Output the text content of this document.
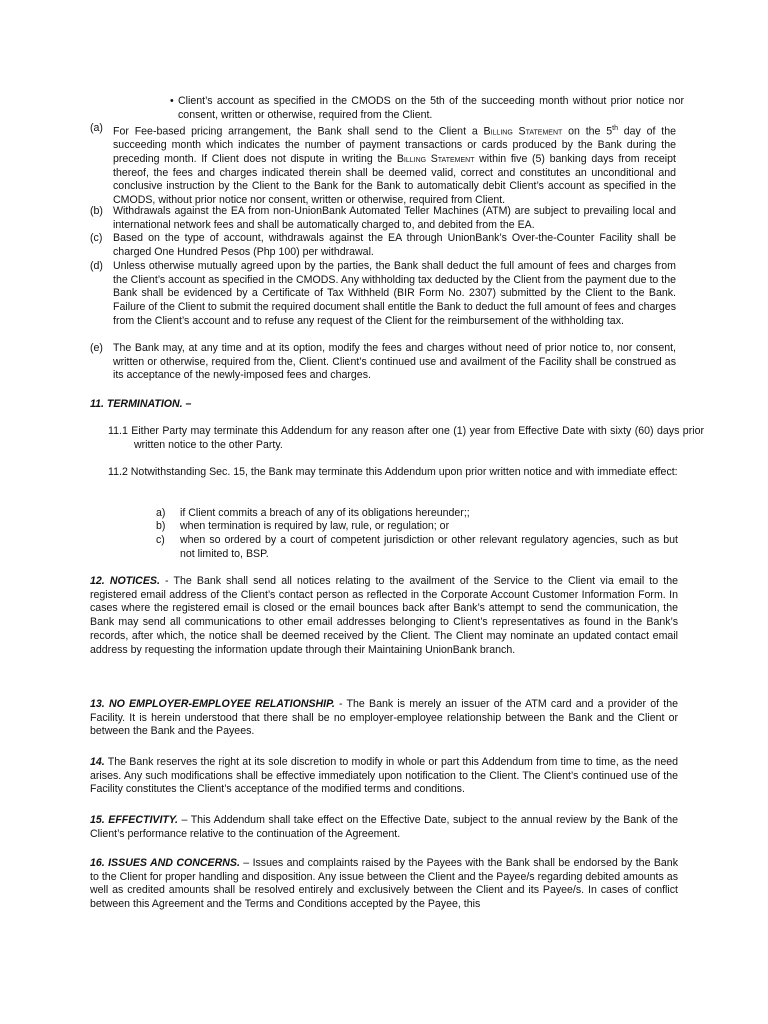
• Client’s account as specified in the CMODS on the 5th of the succeeding month without prior notice nor consent, written or otherwise, required from the Client.
(a) For Fee-based pricing arrangement, the Bank shall send to the Client a Billing Statement on the 5th day of the succeeding month which indicates the number of payment transactions or cards produced by the Bank during the preceding month. If Client does not dispute in writing the Billing Statement within five (5) banking days from receipt thereof, the fees and charges indicated therein shall be deemed valid, correct and constitutes an unconditional and conclusive instruction by the Client to the Bank for the Bank to automatically debit Client’s account as specified in the CMODS, without prior notice nor consent, written or otherwise, required from Client.
(b) Withdrawals against the EA from non-UnionBank Automated Teller Machines (ATM) are subject to prevailing local and international network fees and shall be automatically charged to, and debited from the EA.
(c) Based on the type of account, withdrawals against the EA through UnionBank’s Over-the-Counter Facility shall be charged One Hundred Pesos (Php 100) per withdrawal.
(d) Unless otherwise mutually agreed upon by the parties, the Bank shall deduct the full amount of fees and charges from the Client’s account as specified in the CMODS. Any withholding tax deducted by the Client from the payment due to the Bank shall be evidenced by a Certificate of Tax Withheld (BIR Form No. 2307) submitted by the Client to the Bank. Failure of the Client to submit the required document shall entitle the Bank to deduct the full amount of fees and charges from the Client’s account and to refuse any request of the Client for the reimbursement of the withholding tax.
(e) The Bank may, at any time and at its option, modify the fees and charges without need of prior notice to, nor consent, written or otherwise, required from the, Client. Client’s continued use and availment of the Facility shall be construed as its acceptance of the newly-imposed fees and charges.
11. TERMINATION. –
11.1 Either Party may terminate this Addendum for any reason after one (1) year from Effective Date with sixty (60) days prior written notice to the other Party.
11.2 Notwithstanding Sec. 15, the Bank may terminate this Addendum upon prior written notice and with immediate effect:
a) if Client commits a breach of any of its obligations hereunder;;
b) when termination is required by law, rule, or regulation; or
c) when so ordered by a court of competent jurisdiction or other relevant regulatory agencies, such as but not limited to, BSP.
12. NOTICES. - The Bank shall send all notices relating to the availment of the Service to the Client via email to the registered email address of the Client’s contact person as reflected in the Corporate Account Customer Information Form. In cases where the registered email is closed or the email bounces back after Bank’s attempt to send the communication, the Bank may send all communications to other email addresses belonging to Client’s representatives as found in the Bank’s records, after which, the notice shall be deemed received by the Client. The Client may nominate an updated contact email address by requesting the information update through their Maintaining UnionBank branch.
13. NO EMPLOYER-EMPLOYEE RELATIONSHIP. - The Bank is merely an issuer of the ATM card and a provider of the Facility. It is herein understood that there shall be no employer-employee relationship between the Bank and the Client or between the Bank and the Payees.
14. The Bank reserves the right at its sole discretion to modify in whole or part this Addendum from time to time, as the need arises. Any such modifications shall be effective immediately upon notification to the Client. The Client’s continued use of the Facility constitutes the Client’s acceptance of the modified terms and conditions.
15. EFFECTIVITY. – This Addendum shall take effect on the Effective Date, subject to the annual review by the Bank of the Client’s performance relative to the continuation of the Agreement.
16. ISSUES AND CONCERNS. – Issues and complaints raised by the Payees with the Bank shall be endorsed by the Bank to the Client for proper handling and disposition. Any issue between the Client and the Payee/s regarding debited amounts as well as credited amounts shall be resolved entirely and exclusively between the Client and its Payee/s. In cases of conflict between this Agreement and the Terms and Conditions accepted by the Payee, this
